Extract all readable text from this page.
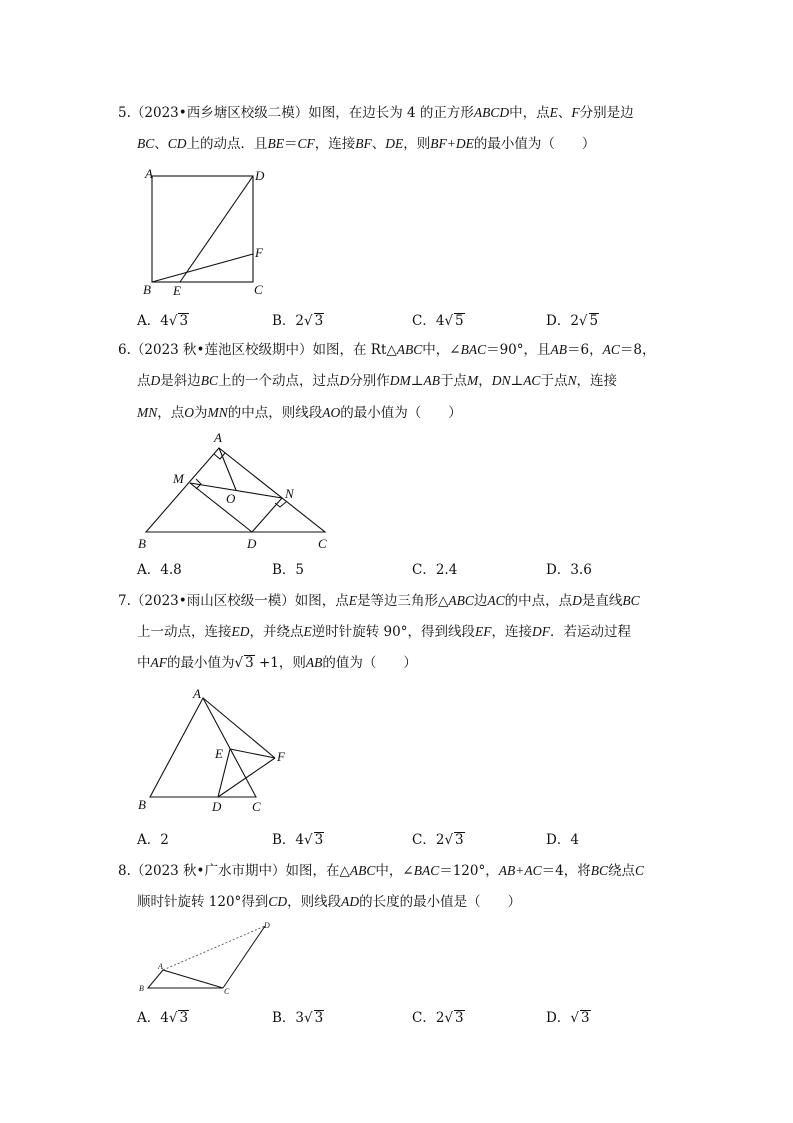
5.（2023•西乡塘区校级二模）如图，在边长为 4 的正方形ABCD中，点E、F分别是边
BC、CD上的动点．且BE＝CF，连接BF、DE，则BF+DE的最小值为（　　）
A	D
F
B E	C
A．4√ 3	B．2√ 3	C．4√ 5	D．2√ 5
6.（2023 秋•莲池区校级期中）如图，在 Rt△ABC中，∠BAC＝90°，且AB＝6，AC＝8，
点D是斜边BC上的一个动点，过点D分别作DM⊥AB于点M，DN⊥AC于点N，连接
MN，点O为MN的中点，则线段AO的最小值为（　　）
A
M
O	N
B	D	C
A．4.8	B．5	C．2.4	D．3.6
7.（2023•雨山区校级一模）如图，点E是等边三角形△ABC边AC的中点，点D是直线BC
上一动点，连接ED，并绕点E逆时针旋转 90°，得到线段EF，连接DF．若运动过程
中AF的最小值为√ 3 +1，则AB的值为（　　）
A
E	F
B	D C
A．2	B．4√ 3	C．2√ 3	D．4
8.（2023 秋•广水市期中）如图，在△ABC中，∠BAC＝120°，AB+AC＝4，将BC绕点C
顺时针旋转 120°得到CD，则线段AD的长度的最小值是（　　）
D
A
B	C
A．4√ 3	B．3√ 3	C．2√ 3	D．√ 3
